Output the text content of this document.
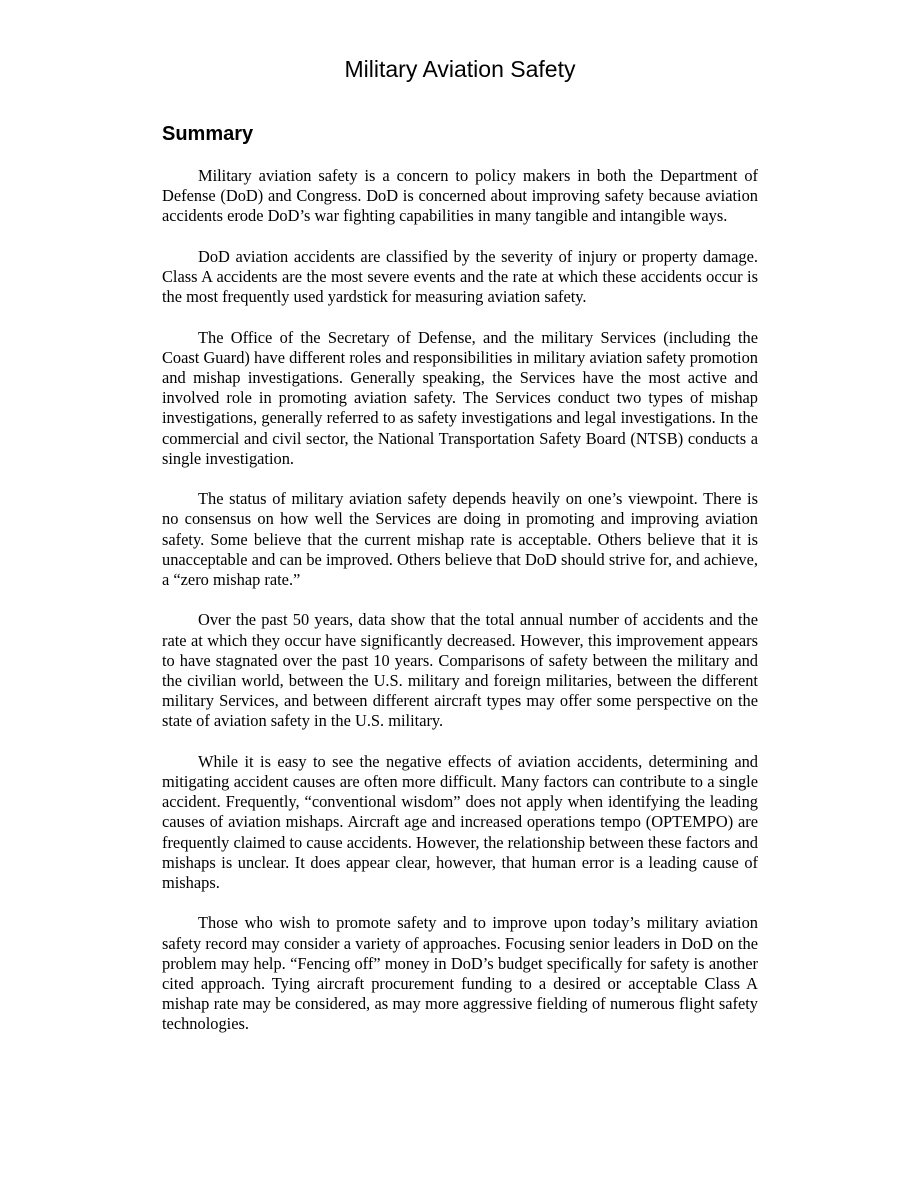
Military Aviation Safety
Summary

Military aviation safety is a concern to policy makers in both the Department of Defense (DoD) and Congress. DoD is concerned about improving safety because aviation accidents erode DoD’s war fighting capabilities in many tangible and intangible ways.

DoD aviation accidents are classified by the severity of injury or property damage. Class A accidents are the most severe events and the rate at which these accidents occur is the most frequently used yardstick for measuring aviation safety.

The Office of the Secretary of Defense, and the military Services (including the Coast Guard) have different roles and responsibilities in military aviation safety promotion and mishap investigations. Generally speaking, the Services have the most active and involved role in promoting aviation safety. The Services conduct two types of mishap investigations, generally referred to as safety investigations and legal investigations. In the commercial and civil sector, the National Transportation Safety Board (NTSB) conducts a single investigation.

The status of military aviation safety depends heavily on one’s viewpoint. There is no consensus on how well the Services are doing in promoting and improving aviation safety. Some believe that the current mishap rate is acceptable. Others believe that it is unacceptable and can be improved. Others believe that DoD should strive for, and achieve, a “zero mishap rate.”

Over the past 50 years, data show that the total annual number of accidents and the rate at which they occur have significantly decreased. However, this improvement appears to have stagnated over the past 10 years. Comparisons of safety between the military and the civilian world, between the U.S. military and foreign militaries, between the different military Services, and between different aircraft types may offer some perspective on the state of aviation safety in the U.S. military.

While it is easy to see the negative effects of aviation accidents, determining and mitigating accident causes are often more difficult. Many factors can contribute to a single accident. Frequently, “conventional wisdom” does not apply when identifying the leading causes of aviation mishaps. Aircraft age and increased operations tempo (OPTEMPO) are frequently claimed to cause accidents. However, the relationship between these factors and mishaps is unclear. It does appear clear, however, that human error is a leading cause of mishaps.

Those who wish to promote safety and to improve upon today’s military aviation safety record may consider a variety of approaches. Focusing senior leaders in DoD on the problem may help. “Fencing off” money in DoD’s budget specifically for safety is another cited approach. Tying aircraft procurement funding to a desired or acceptable Class A mishap rate may be considered, as may more aggressive fielding of numerous flight safety technologies.
